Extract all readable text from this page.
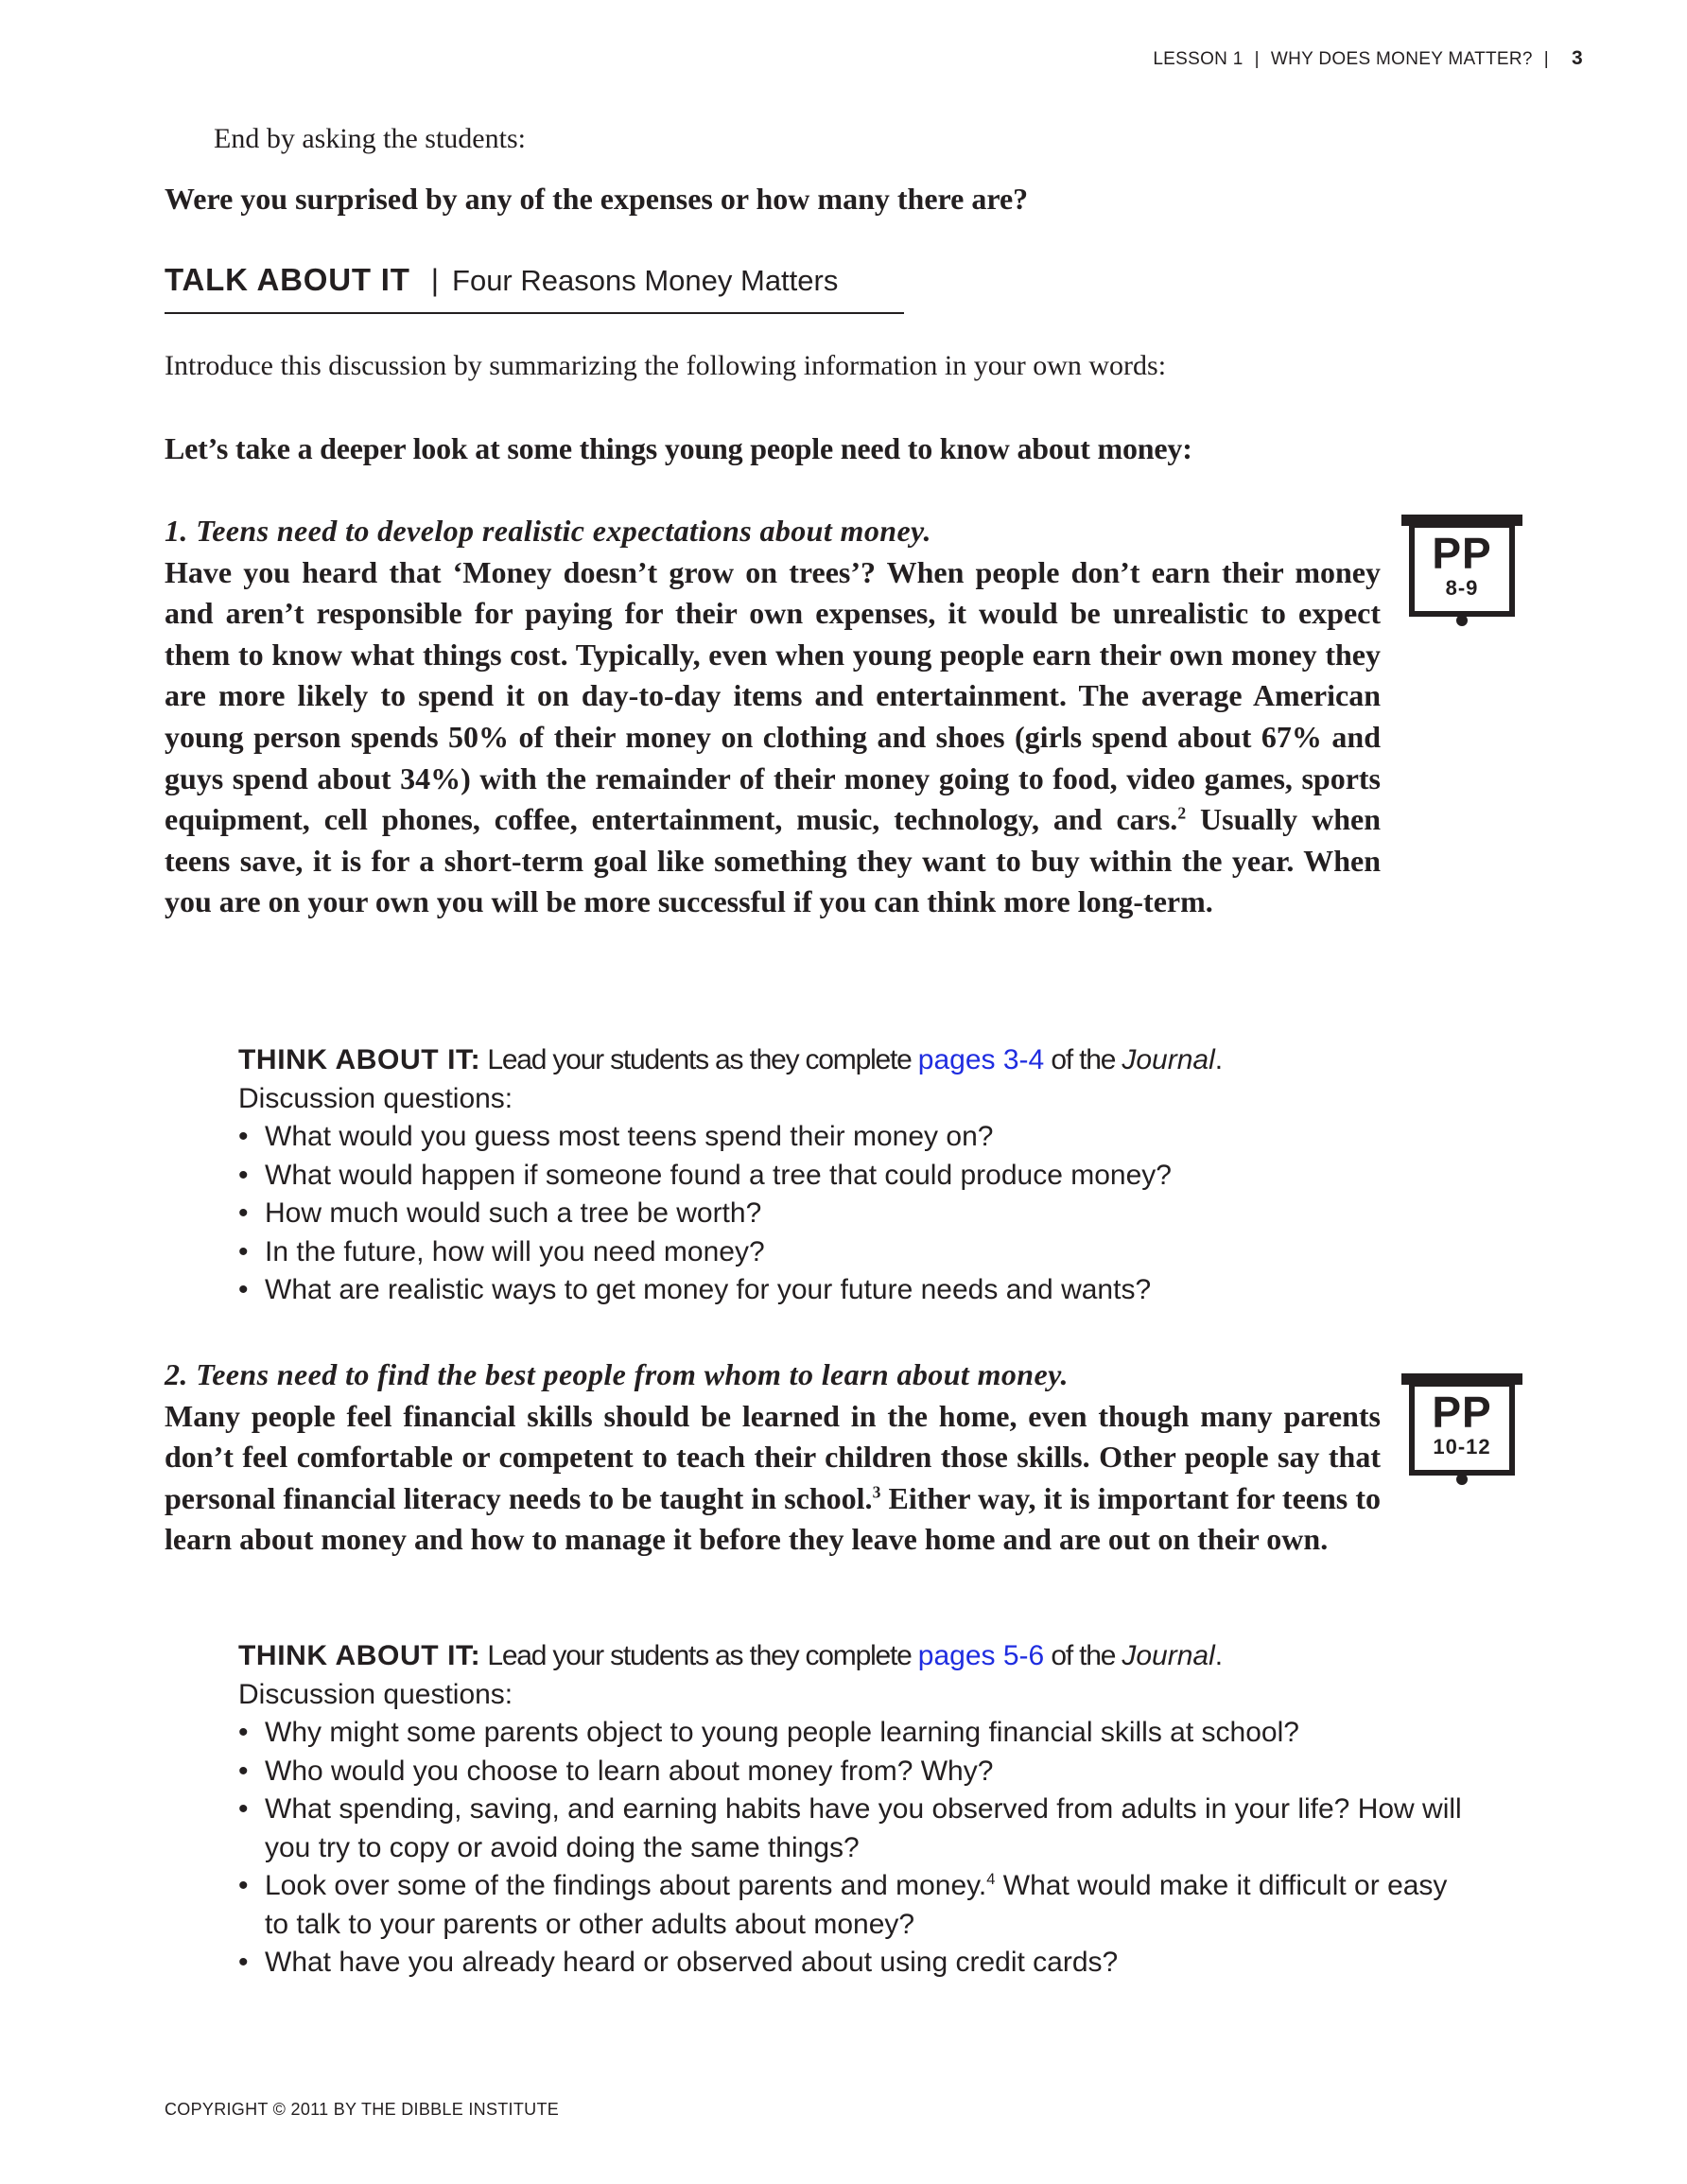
LESSON 1 | WHY DOES MONEY MATTER? | 3
End by asking the students:
Were you surprised by any of the expenses or how many there are?
TALK ABOUT IT | Four Reasons Money Matters
Introduce this discussion by summarizing the following information in your own words:
Let’s take a deeper look at some things young people need to know about money:
1. Teens need to develop realistic expectations about money.
Have you heard that ‘Money doesn’t grow on trees’? When people don’t earn their money and aren’t responsible for paying for their own expenses, it would be unrealistic to expect them to know what things cost. Typically, even when young people earn their own money they are more likely to spend it on day-to-day items and entertainment. The average American young person spends 50% of their money on clothing and shoes (girls spend about 67% and guys spend about 34%) with the remainder of their money going to food, video games, sports equipment, cell phones, coffee, entertainment, music, technology, and cars.$^2$ Usually when teens save, it is for a short-term goal like something they want to buy within the year. When you are on your own you will be more successful if you can think more long-term.
PP
8-9
THINK ABOUT IT: Lead your students as they complete pages 3-4 of the Journal.
Discussion questions:
• What would you guess most teens spend their money on?
• What would happen if someone found a tree that could produce money?
• How much would such a tree be worth?
• In the future, how will you need money?
• What are realistic ways to get money for your future needs and wants?
2. Teens need to find the best people from whom to learn about money.
Many people feel financial skills should be learned in the home, even though many parents don’t feel comfortable or competent to teach their children those skills. Other people say that personal financial literacy needs to be taught in school.$^3$ Either way, it is important for teens to learn about money and how to manage it before they leave home and are out on their own.
PP
10-12
THINK ABOUT IT: Lead your students as they complete pages 5-6 of the Journal.
Discussion questions:
• Why might some parents object to young people learning financial skills at school?
• Who would you choose to learn about money from? Why?
• What spending, saving, and earning habits have you observed from adults in your life? How will you try to copy or avoid doing the same things?
• Look over some of the findings about parents and money.$^4$ What would make it difficult or easy to talk to your parents or other adults about money?
• What have you already heard or observed about using credit cards?
COPYRIGHT © 2011 BY THE DIBBLE INSTITUTE
